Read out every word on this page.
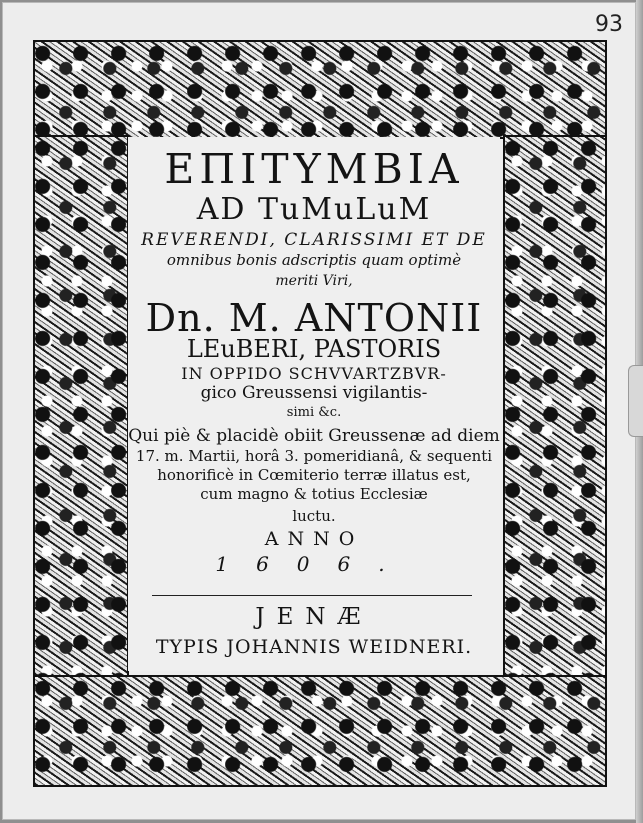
93
ΕΠΙΤΥΜΒΙΑ
AD TuMuLuM
REVERENDI, CLARISSIMI ET DE
omnibus bonis adscriptis quam optimè
meriti Viri,
Dn. M. ANTONII
LEuBERI, PASTORIS
IN OPPIDO SCHVVARTZBVR-
gico Greussensi vigilantis-
simi &c.
Qui piè & placidè obiit Greussenæ ad diem
17. m. Martii, horâ 3. pomeridianâ, & sequenti
honorificè in Cœmiterio terræ illatus est,
cum magno & totius Ecclesiæ
luctu.
ANNO
1606.
JENÆ
TYPIS JOHANNIS WEIDNERI.
